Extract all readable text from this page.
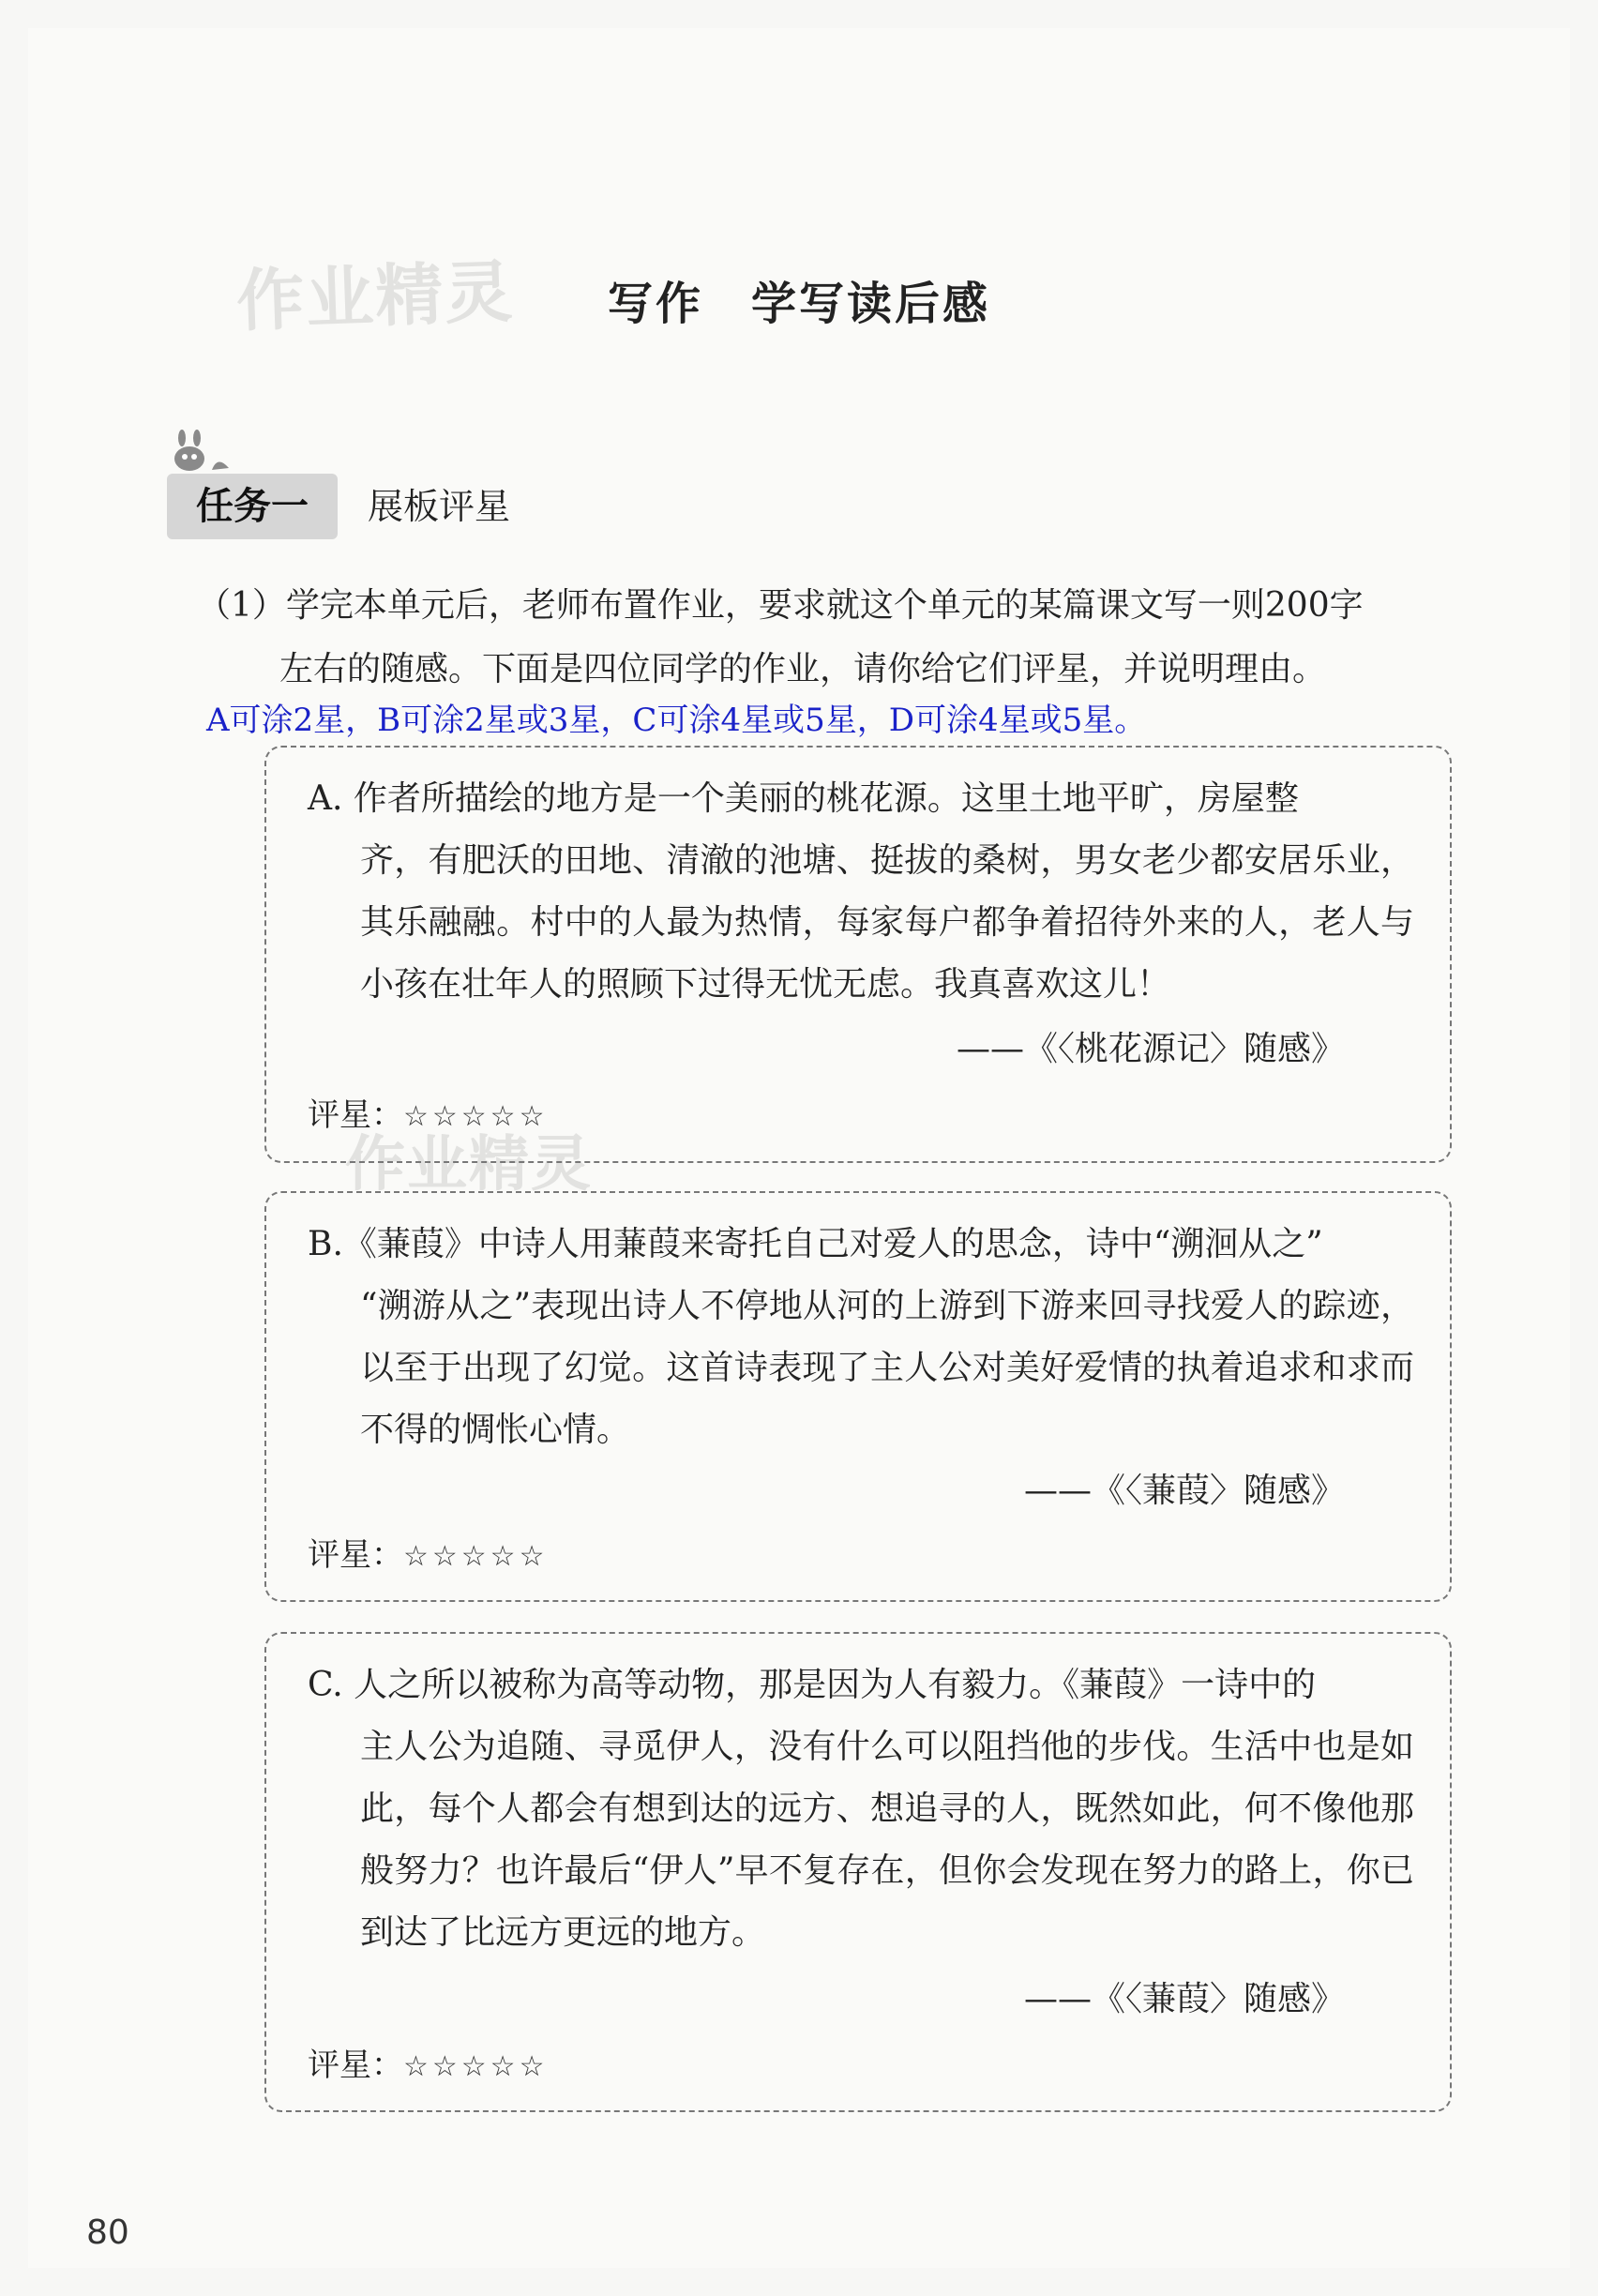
作业精灵
作业精灵
写作　学写读后感
任务一	展板评星
（1）学完本单元后，老师布置作业，要求就这个单元的某篇课文写一则200字
左右的随感。下面是四位同学的作业，请你给它们评星，并说明理由。
A可涂2星，B可涂2星或3星，C可涂4星或5星，D可涂4星或5星。
A. 作者所描绘的地方是一个美丽的桃花源。这里土地平旷，房屋整
齐，有肥沃的田地、清澈的池塘、挺拔的桑树，男女老少都安居乐业，其乐融融。村中的人最为热情，每家每户都争着招待外来的人，老人与小孩在壮年人的照顾下过得无忧无虑。我真喜欢这儿！
——《〈桃花源记〉随感》
评星：☆☆☆☆☆
B.《蒹葭》中诗人用蒹葭来寄托自己对爱人的思念，诗中“溯洄从之”
“溯游从之”表现出诗人不停地从河的上游到下游来回寻找爱人的踪迹，以至于出现了幻觉。这首诗表现了主人公对美好爱情的执着追求和求而不得的惆怅心情。
——《〈蒹葭〉随感》
评星：☆☆☆☆☆
C. 人之所以被称为高等动物，那是因为人有毅力。《蒹葭》一诗中的
主人公为追随、寻觅伊人，没有什么可以阻挡他的步伐。生活中也是如此，每个人都会有想到达的远方、想追寻的人，既然如此，何不像他那般努力？也许最后“伊人”早不复存在，但你会发现在努力的路上，你已到达了比远方更远的地方。
——《〈蒹葭〉随感》
评星：☆☆☆☆☆
80
